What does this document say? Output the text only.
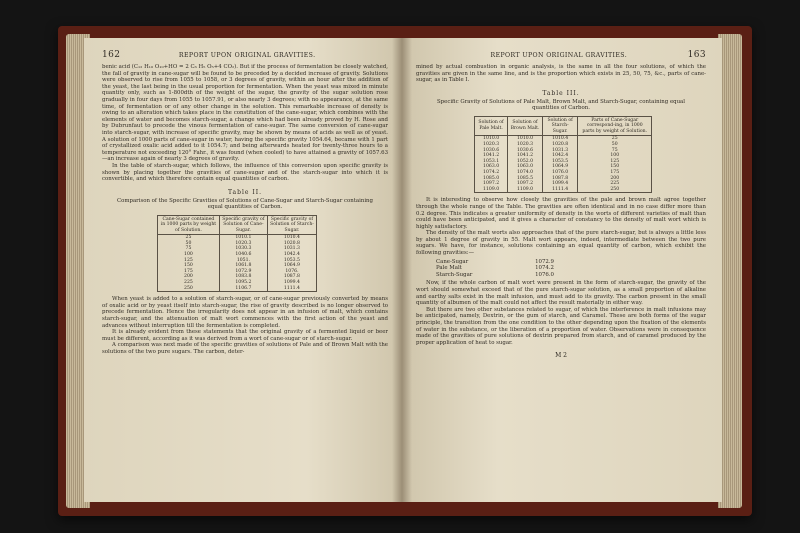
162	REPORT UPON ORIGINAL GRAVITIES.

benic acid (C₁₂ H₁₀ O₁₀+HO = 2 C₆ H₅ O₅+4 CO₂). But if the process of fermentation be closely watched, the fall of gravity in cane-sugar will be found to be preceded by a decided increase of gravity. Solutions were observed to rise from 1055 to 1058, or 3 degrees of gravity, within an hour after the addition of the yeast, the last being in the usual proportion for fermentation. When the yeast was mixed in minute quantity only, such as 1-800dth of the weight of the sugar, the gravity of the sugar solution rose gradually in four days from 1055 to 1057.91, or also nearly 3 degrees; with no appearance, at the same time, of fermentation or of any other change in the solution. This remarkable increase of density is owing to an alteration which takes place in the constitution of the cane-sugar, which combines with the elements of water and becomes starch-sugar, a change which had been already proved by H. Rose and by Dubrunfaut to precede the vinous fermentation of cane-sugar. The same conversion of cane-sugar into starch-sugar, with increase of specific gravity, may be shown by means of acids as well as of yeast. A solution of 1000 parts of cane-sugar in water, having the specific gravity 1054.64, became with 1 part of crystallized oxalic acid added to it 1054.7; and being afterwards heated for twenty-three hours to a temperature not exceeding 120° Fahr., it was found (when cooled) to have attained a gravity of 1057.63—an increase again of nearly 3 degrees of gravity.

In the table of starch-sugar, which follows, the influence of this conversion upon specific gravity is shown by placing together the gravities of cane-sugar and of the starch-sugar into which it is convertible, and which therefore contain equal quantities of carbon.

Table II.

Comparison of the Specific Gravities of Solutions of Cane-Sugar and Starch-Sugar containing equal quantities of Carbon.

Cane-Sugar contained in 1000 parts by weight of Solution.	Specific gravity of Solution of Cane-Sugar.	Specific gravity of Solution of Starch-Sugar.
25	1010.1	1010.4
50	1020.3	1020.8
75	1030.3	1031.3
100	1040.6	1042.4
125	1051.	1053.5
150	1061.8	1064.9
175	1072.9	1076.
200	1083.8	1087.8
225	1095.2	1099.4
250	1106.7	1111.4

When yeast is added to a solution of starch-sugar, or of cane-sugar previously converted by means of oxalic acid or by yeast itself into starch-sugar, the rise of gravity described is no longer observed to precede fermentation. Hence the irregularity does not appear in an infusion of malt, which contains starch-sugar, and the attenuation of malt wort commences with the first action of the yeast and advances without interruption till the fermentation is completed.

It is already evident from these statements that the original gravity of a fermented liquid or beer must be different, according as it was derived from a wort of cane-sugar or of starch-sugar.

A comparison was next made of the specific gravities of solutions of Pale and of Brown Malt with the solutions of the two pure sugars. The carbon, deter-

REPORT UPON ORIGINAL GRAVITIES.	163

mined by actual combustion in organic analysis, is the same in all the four solutions, of which the gravities are given in the same line, and is the proportion which exists in 25, 50, 75, &c., parts of cane-sugar, as in Table I.

Table III.

Specific Gravity of Solutions of Pale Malt, Brown Malt, and Starch-Sugar, containing equal quantities of Carbon.

Solution of Pale Malt.	Solution of Brown Malt.	Solution of Starch-Sugar.	Parts of Cane-Sugar correspond-ing, in 1000 parts by weight of Solution.
1010.0	1010.0	1010.4	25
1020.3	1020.3	1020.8	50
1030.6	1030.6	1031.3	75
1041.2	1041.2	1042.4	100
1053.1	1052.0	1053.5	125
1063.0	1063.0	1064.9	150
1074.2	1074.0	1076.0	175
1085.0	1085.5	1087.8	200
1097.2	1097.2	1099.4	225
1109.0	1109.0	1111.4	250

It is interesting to observe how closely the gravities of the pale and brown malt agree together through the whole range of the Table. The gravities are often identical and in no case differ more than 0.2 degree. This indicates a greater uniformity of density in the worts of different varieties of malt than could have been anticipated, and it gives a character of constancy to the density of malt wort which is highly satisfactory.

The density of the malt worts also approaches that of the pure starch-sugar, but is always a little less by about 1 degree of gravity in 55. Malt wort appears, indeed, intermediate between the two pure sugars. We have, for instance, solutions containing an equal quantity of carbon, which exhibit the following gravities:—

Cane-Sugar	1072.9
Pale Malt	1074.2
Starch-Sugar	1076.0

Now, if the whole carbon of malt wort were present in the form of starch-sugar, the gravity of the wort should somewhat exceed that of the pure starch-sugar solution, as a small proportion of alkaline and earthy salts exist in the malt infusion, and must add to its gravity. The carbon present in the small quantity of albumen of the malt could not affect the result materially in either way.

But there are two other substances related to sugar, of which the interference in malt infusions may be anticipated, namely, Dextrin, or the gum of starch, and Caramel. These are both forms of the sugar principle, the transition from the one condition to the other depending upon the fixation of the elements of water in the substance, or the liberation of a proportion of water. Observations were in consequence made of the gravities of pure solutions of dextrin prepared from starch, and of caramel produced by the proper application of heat to sugar.

M 2
